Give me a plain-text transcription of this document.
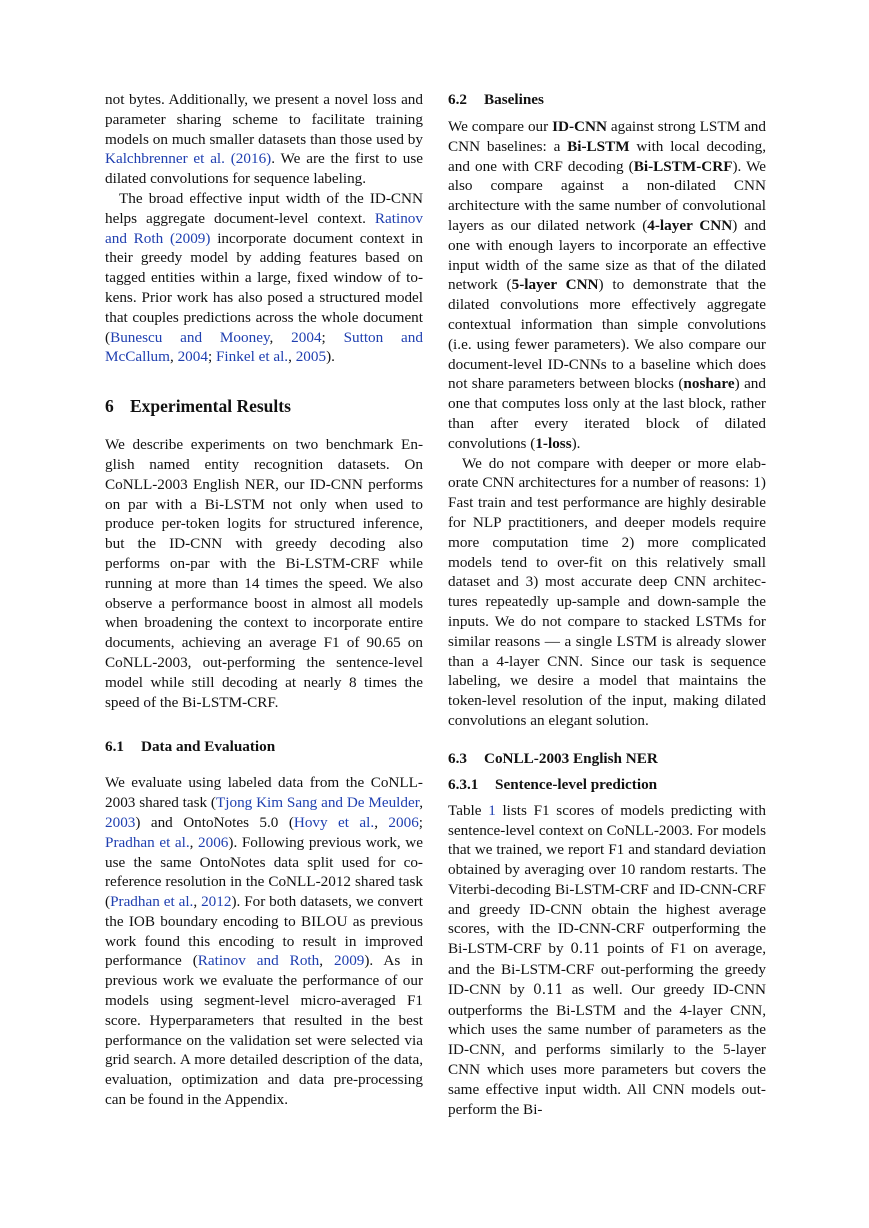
not bytes. Additionally, we present a novel loss and parameter sharing scheme to facilitate training models on much smaller datasets than those used by Kalchbrenner et al. (2016). We are the first to use dilated convolutions for sequence labeling.

The broad effective input width of the ID-CNN helps aggregate document-level context. Ratinov and Roth (2009) incorporate document context in their greedy model by adding features based on tagged entities within a large, fixed window of tokens. Prior work has also posed a structured model that couples predictions across the whole document (Bunescu and Mooney, 2004; Sutton and McCallum, 2004; Finkel et al., 2005).

6 Experimental Results

We describe experiments on two benchmark English named entity recognition datasets. On CoNLL-2003 English NER, our ID-CNN performs on par with a Bi-LSTM not only when used to produce per-token logits for structured inference, but the ID-CNN with greedy decoding also performs on-par with the Bi-LSTM-CRF while running at more than 14 times the speed. We also observe a performance boost in almost all models when broadening the context to incorporate entire documents, achieving an average F1 of 90.65 on CoNLL-2003, out-performing the sentence-level model while still decoding at nearly 8 times the speed of the Bi-LSTM-CRF.

6.1 Data and Evaluation

We evaluate using labeled data from the CoNLL-2003 shared task (Tjong Kim Sang and De Meulder, 2003) and OntoNotes 5.0 (Hovy et al., 2006; Pradhan et al., 2006). Following previous work, we use the same OntoNotes data split used for co-reference resolution in the CoNLL-2012 shared task (Pradhan et al., 2012). For both datasets, we convert the IOB boundary encoding to BILOU as previous work found this encoding to result in improved performance (Ratinov and Roth, 2009). As in previous work we evaluate the performance of our models using segment-level micro-averaged F1 score. Hyperparameters that resulted in the best performance on the validation set were selected via grid search. A more detailed description of the data, evaluation, optimization and data pre-processing can be found in the Appendix.

6.2 Baselines

We compare our ID-CNN against strong LSTM and CNN baselines: a Bi-LSTM with local decoding, and one with CRF decoding (Bi-LSTM-CRF). We also compare against a non-dilated CNN architecture with the same number of convolutional layers as our dilated network (4-layer CNN) and one with enough layers to incorporate an effective input width of the same size as that of the dilated network (5-layer CNN) to demonstrate that the dilated convolutions more effectively aggregate contextual information than simple convolutions (i.e. using fewer parameters). We also compare our document-level ID-CNNs to a baseline which does not share parameters between blocks (noshare) and one that computes loss only at the last block, rather than after every iterated block of dilated convolutions (1-loss).

We do not compare with deeper or more elaborate CNN architectures for a number of reasons: 1) Fast train and test performance are highly desirable for NLP practitioners, and deeper models require more computation time 2) more complicated models tend to over-fit on this relatively small dataset and 3) most accurate deep CNN architectures repeatedly up-sample and down-sample the inputs. We do not compare to stacked LSTMs for similar reasons — a single LSTM is already slower than a 4-layer CNN. Since our task is sequence labeling, we desire a model that maintains the token-level resolution of the input, making dilated convolutions an elegant solution.

6.3 CoNLL-2003 English NER
6.3.1 Sentence-level prediction

Table 1 lists F1 scores of models predicting with sentence-level context on CoNLL-2003. For models that we trained, we report F1 and standard deviation obtained by averaging over 10 random restarts. The Viterbi-decoding Bi-LSTM-CRF and ID-CNN-CRF and greedy ID-CNN obtain the highest average scores, with the ID-CNN-CRF outperforming the Bi-LSTM-CRF by 0.11 points of F1 on average, and the Bi-LSTM-CRF out-performing the greedy ID-CNN by 0.11 as well. Our greedy ID-CNN outperforms the Bi-LSTM and the 4-layer CNN, which uses the same number of parameters as the ID-CNN, and performs similarly to the 5-layer CNN which uses more parameters but covers the same effective input width. All CNN models out-perform the Bi-
